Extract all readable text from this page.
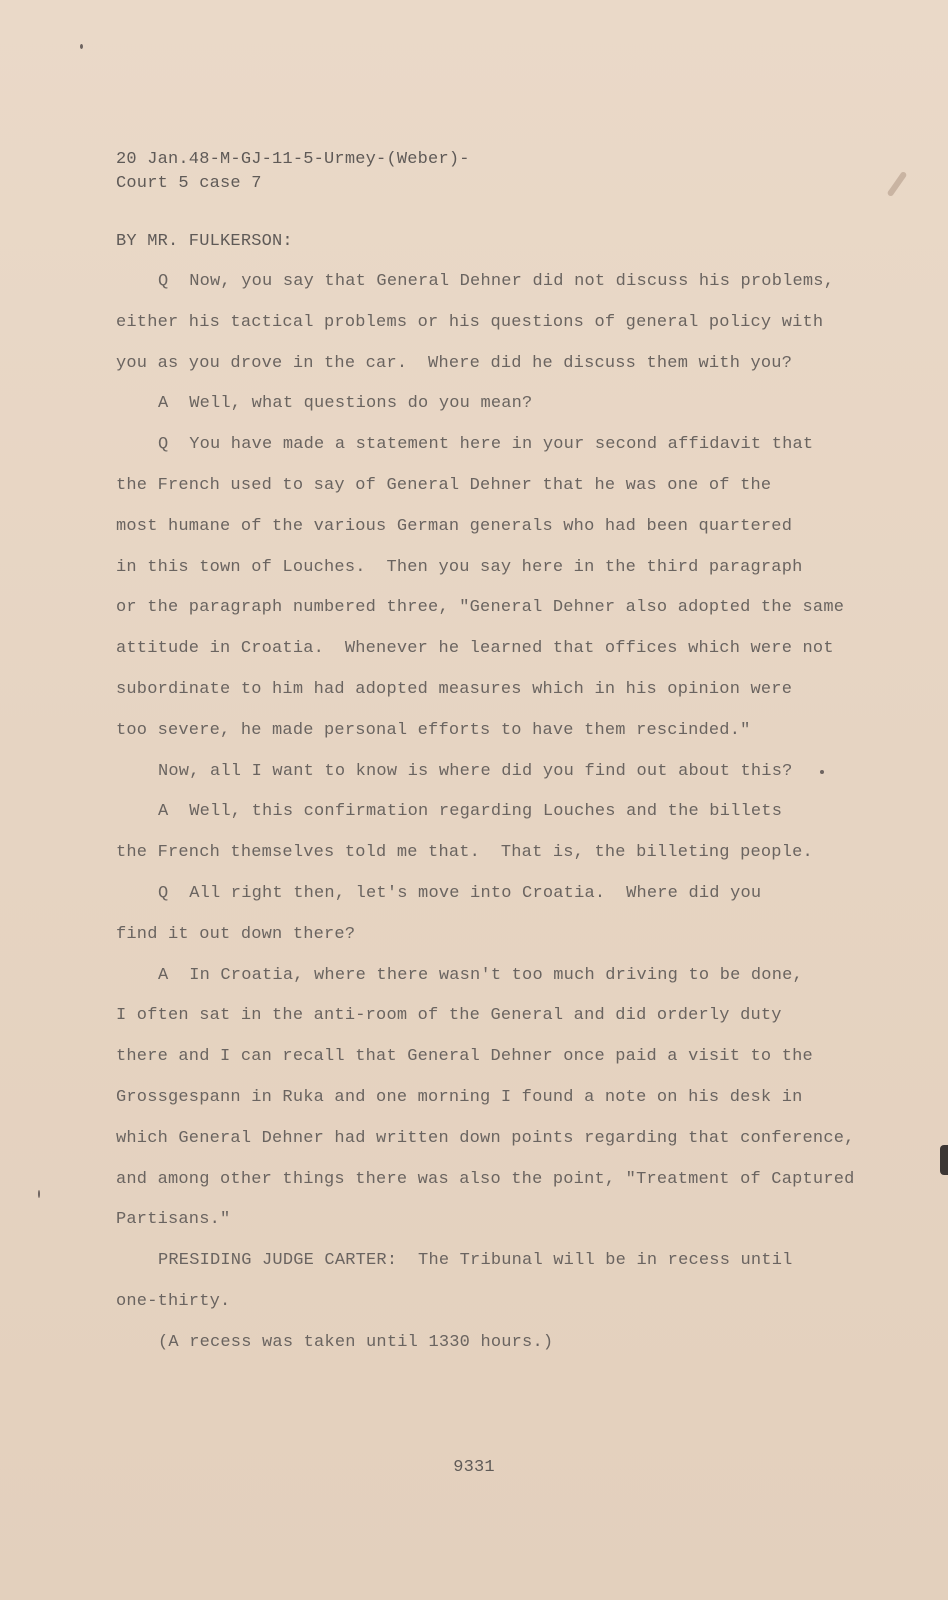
20 Jan.48-M-GJ-11-5-Urmey-(Weber)-
Court 5 case 7
BY MR. FULKERSON:
Q  Now, you say that General Dehner did not discuss his problems,
either his tactical problems or his questions of general policy with
you as you drove in the car.  Where did he discuss them with you?
A  Well, what questions do you mean?
Q  You have made a statement here in your second affidavit that
the French used to say of General Dehner that he was one of the
most humane of the various German generals who had been quartered
in this town of Louches.  Then you say here in the third paragraph
or the paragraph numbered three, "General Dehner also adopted the same
attitude in Croatia.  Whenever he learned that offices which were not
subordinate to him had adopted measures which in his opinion were
too severe, he made personal efforts to have them rescinded."
Now, all I want to know is where did you find out about this?
A  Well, this confirmation regarding Louches and the billets
the French themselves told me that.  That is, the billeting people.
Q  All right then, let's move into Croatia.  Where did you
find it out down there?
A  In Croatia, where there wasn't too much driving to be done,
I often sat in the anti-room of the General and did orderly duty
there and I can recall that General Dehner once paid a visit to the
Grossgespann in Ruka and one morning I found a note on his desk in
which General Dehner had written down points regarding that conference,
and among other things there was also the point, "Treatment of Captured
Partisans."
PRESIDING JUDGE CARTER:  The Tribunal will be in recess until
one-thirty.
(A recess was taken until 1330 hours.)
9331
